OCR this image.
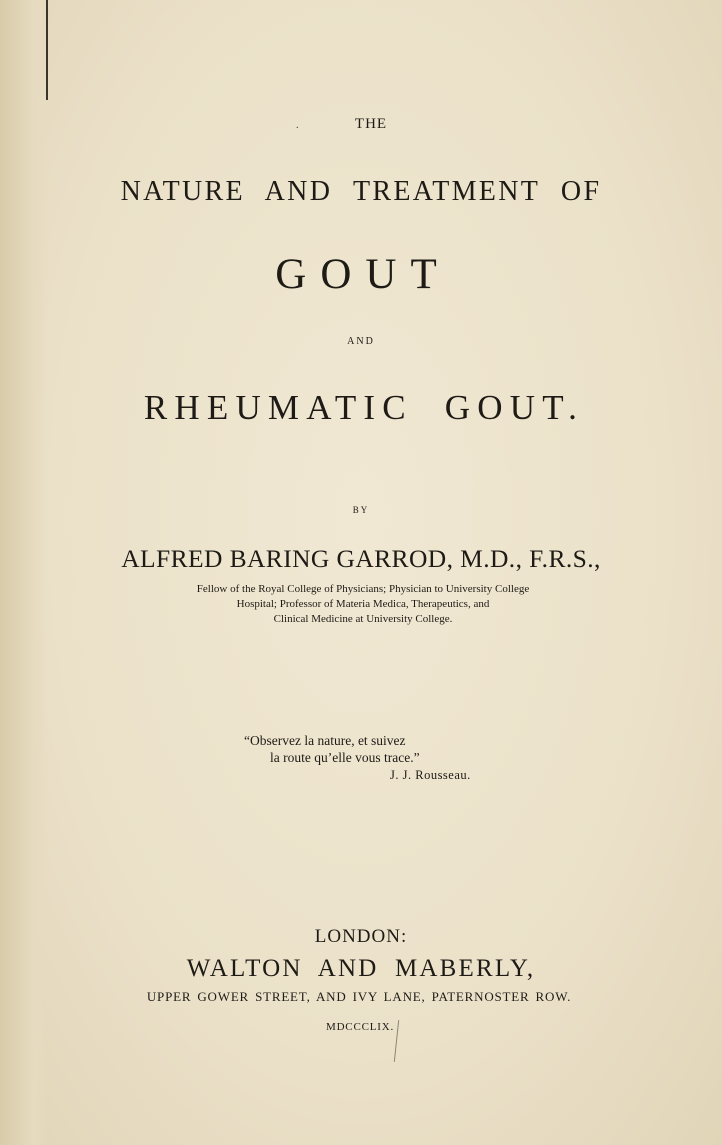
.	THE
NATURE AND TREATMENT OF
GOUT
AND
RHEUMATIC GOUT.
BY
ALFRED BARING GARROD, M.D., F.R.S.,
Fellow of the Royal College of Physicians; Physician to University College
Hospital; Professor of Materia Medica, Therapeutics, and
Clinical Medicine at University College.
“Observez la nature, et suivez
la route qu’elle vous trace.”
J. J. Rousseau.
LONDON:
WALTON AND MABERLY,
UPPER GOWER STREET, AND IVY LANE, PATERNOSTER ROW.
MDCCCLIX.
